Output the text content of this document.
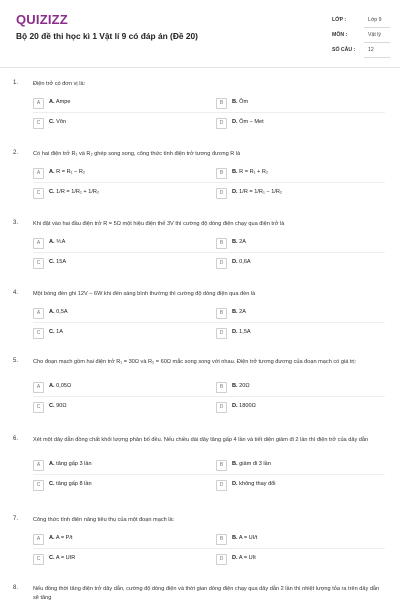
QUIZIZZ
Bộ 20 đề thi học kì 1 Vật lí 9 có đáp án (Đề 20)
LỚP :	Lớp 9
MÔN :	Vật lý
SỐ CÂU : 12
1.	Điện trở có đơn vị là:
A	A. Ampe	B	B. Ôm
C	C. Vôn	D	D. Ôm – Met
2.	Có hai điện trở R₁ và R₂ ghép song song, công thức tính điện trở tương đương R là
A	A. R = R₁ − R₂	B	B. R = R₁ + R₂
C	C. 1/R = 1/R₁ + 1/R₂	D	D. 1/R = 1/R₁ − 1/R₂
3.	Khi đặt vào hai đầu điện trở R = 5Ω một hiệu điện thế 3V thì cường độ dòng điện chạy qua điện trở là
A	A. ⅗A	B	B. 2A
C	C. 15A	D	D. 0,6A
4.	Một bóng đèn ghi 12V – 6W khi đèn sáng bình thường thì cường độ dòng điện qua đèn là
A	A. 0,5A	B	B. 2A
C	C. 1A	D	D. 1,5A
5.	Cho đoạn mạch gồm hai điện trở R₁ = 30Ω và R₂ = 60Ω mắc song song với nhau. Điện trở tương đương của đoạn mạch có giá trị:
A	A. 0,05Ω	B	B. 20Ω
C	C. 90Ω	D	D. 1800Ω
6.	Xét một dây dẫn đồng chất khối lượng phân bố đều. Nếu chiều dài dây tăng gấp 4 lần và tiết diện giảm đi 2 lần thì điện trở của dây dẫn
A	A. tăng gấp 3 lần	B	B. giảm đi 3 lần
C	C. tăng gấp 8 lần	D	D. không thay đổi
7.	Công thức tính điện năng tiêu thụ của một đoạn mạch là:
A	A. A = P/t	B	B. A = UI/t
C	C. A = UIR	D	D. A = UIt
8.	Nếu đồng thời tăng điện trở dây dẫn, cường độ dòng điện và thời gian dòng điện chạy qua dây dẫn 2 lần thì nhiệt lượng tỏa ra trên dây dẫn sẽ tăng
